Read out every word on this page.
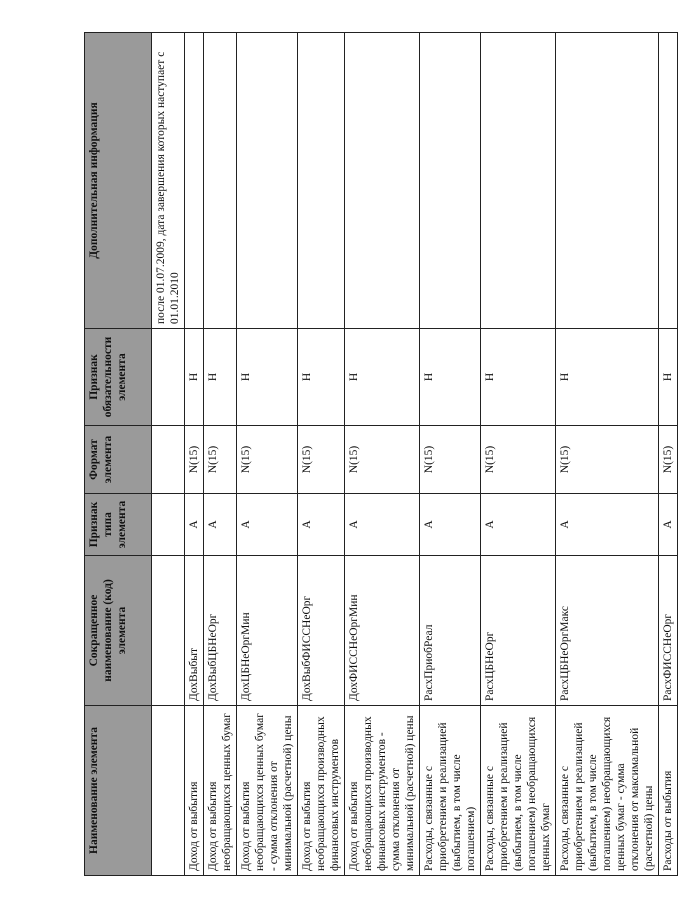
Наименование элемента	Сокращенное наименование (код) элемента	Признак типа элемента	Формат элемента	Признак обязательности элемента	Дополнительная информация
					после 01.07.2009, дата завершения которых наступает с 01.01.2010
Доход от выбытия	ДохВыбыт	А	N(15)	Н	
Доход от выбытия необращающихся ценных бумаг	ДохВыбЦБНеОрг	А	N(15)	Н	
Доход от выбытия необращающихся ценных бумаг - сумма отклонения от минимальной (расчетной) цены	ДохЦБНеОргМин	А	N(15)	Н	
Доход от выбытия необращающихся производных финансовых инструментов	ДохВыбФИССНеОрг	А	N(15)	Н	
Доход от выбытия необращающихся производных финансовых инструментов - сумма отклонения от минимальной (расчетной) цены	ДохФИССНеОргМин	А	N(15)	Н	
Расходы, связанные с приобретением и реализацией (выбытием, в том числе погашением)	РасхПриобРеал	А	N(15)	Н	
Расходы, связанные с приобретением и реализацией (выбытием, в том числе погашением) необращающихся ценных бумаг	РасхЦБНеОрг	А	N(15)	Н	
Расходы, связанные с приобретением и реализацией (выбытием, в том числе погашением) необращающихся ценных бумаг - сумма отклонения от максимальной (расчетной) цены	РасхЦБНеОргМакс	А	N(15)	Н	
Расходы от выбытия	РасхФИССНеОрг	А	N(15)	Н	
